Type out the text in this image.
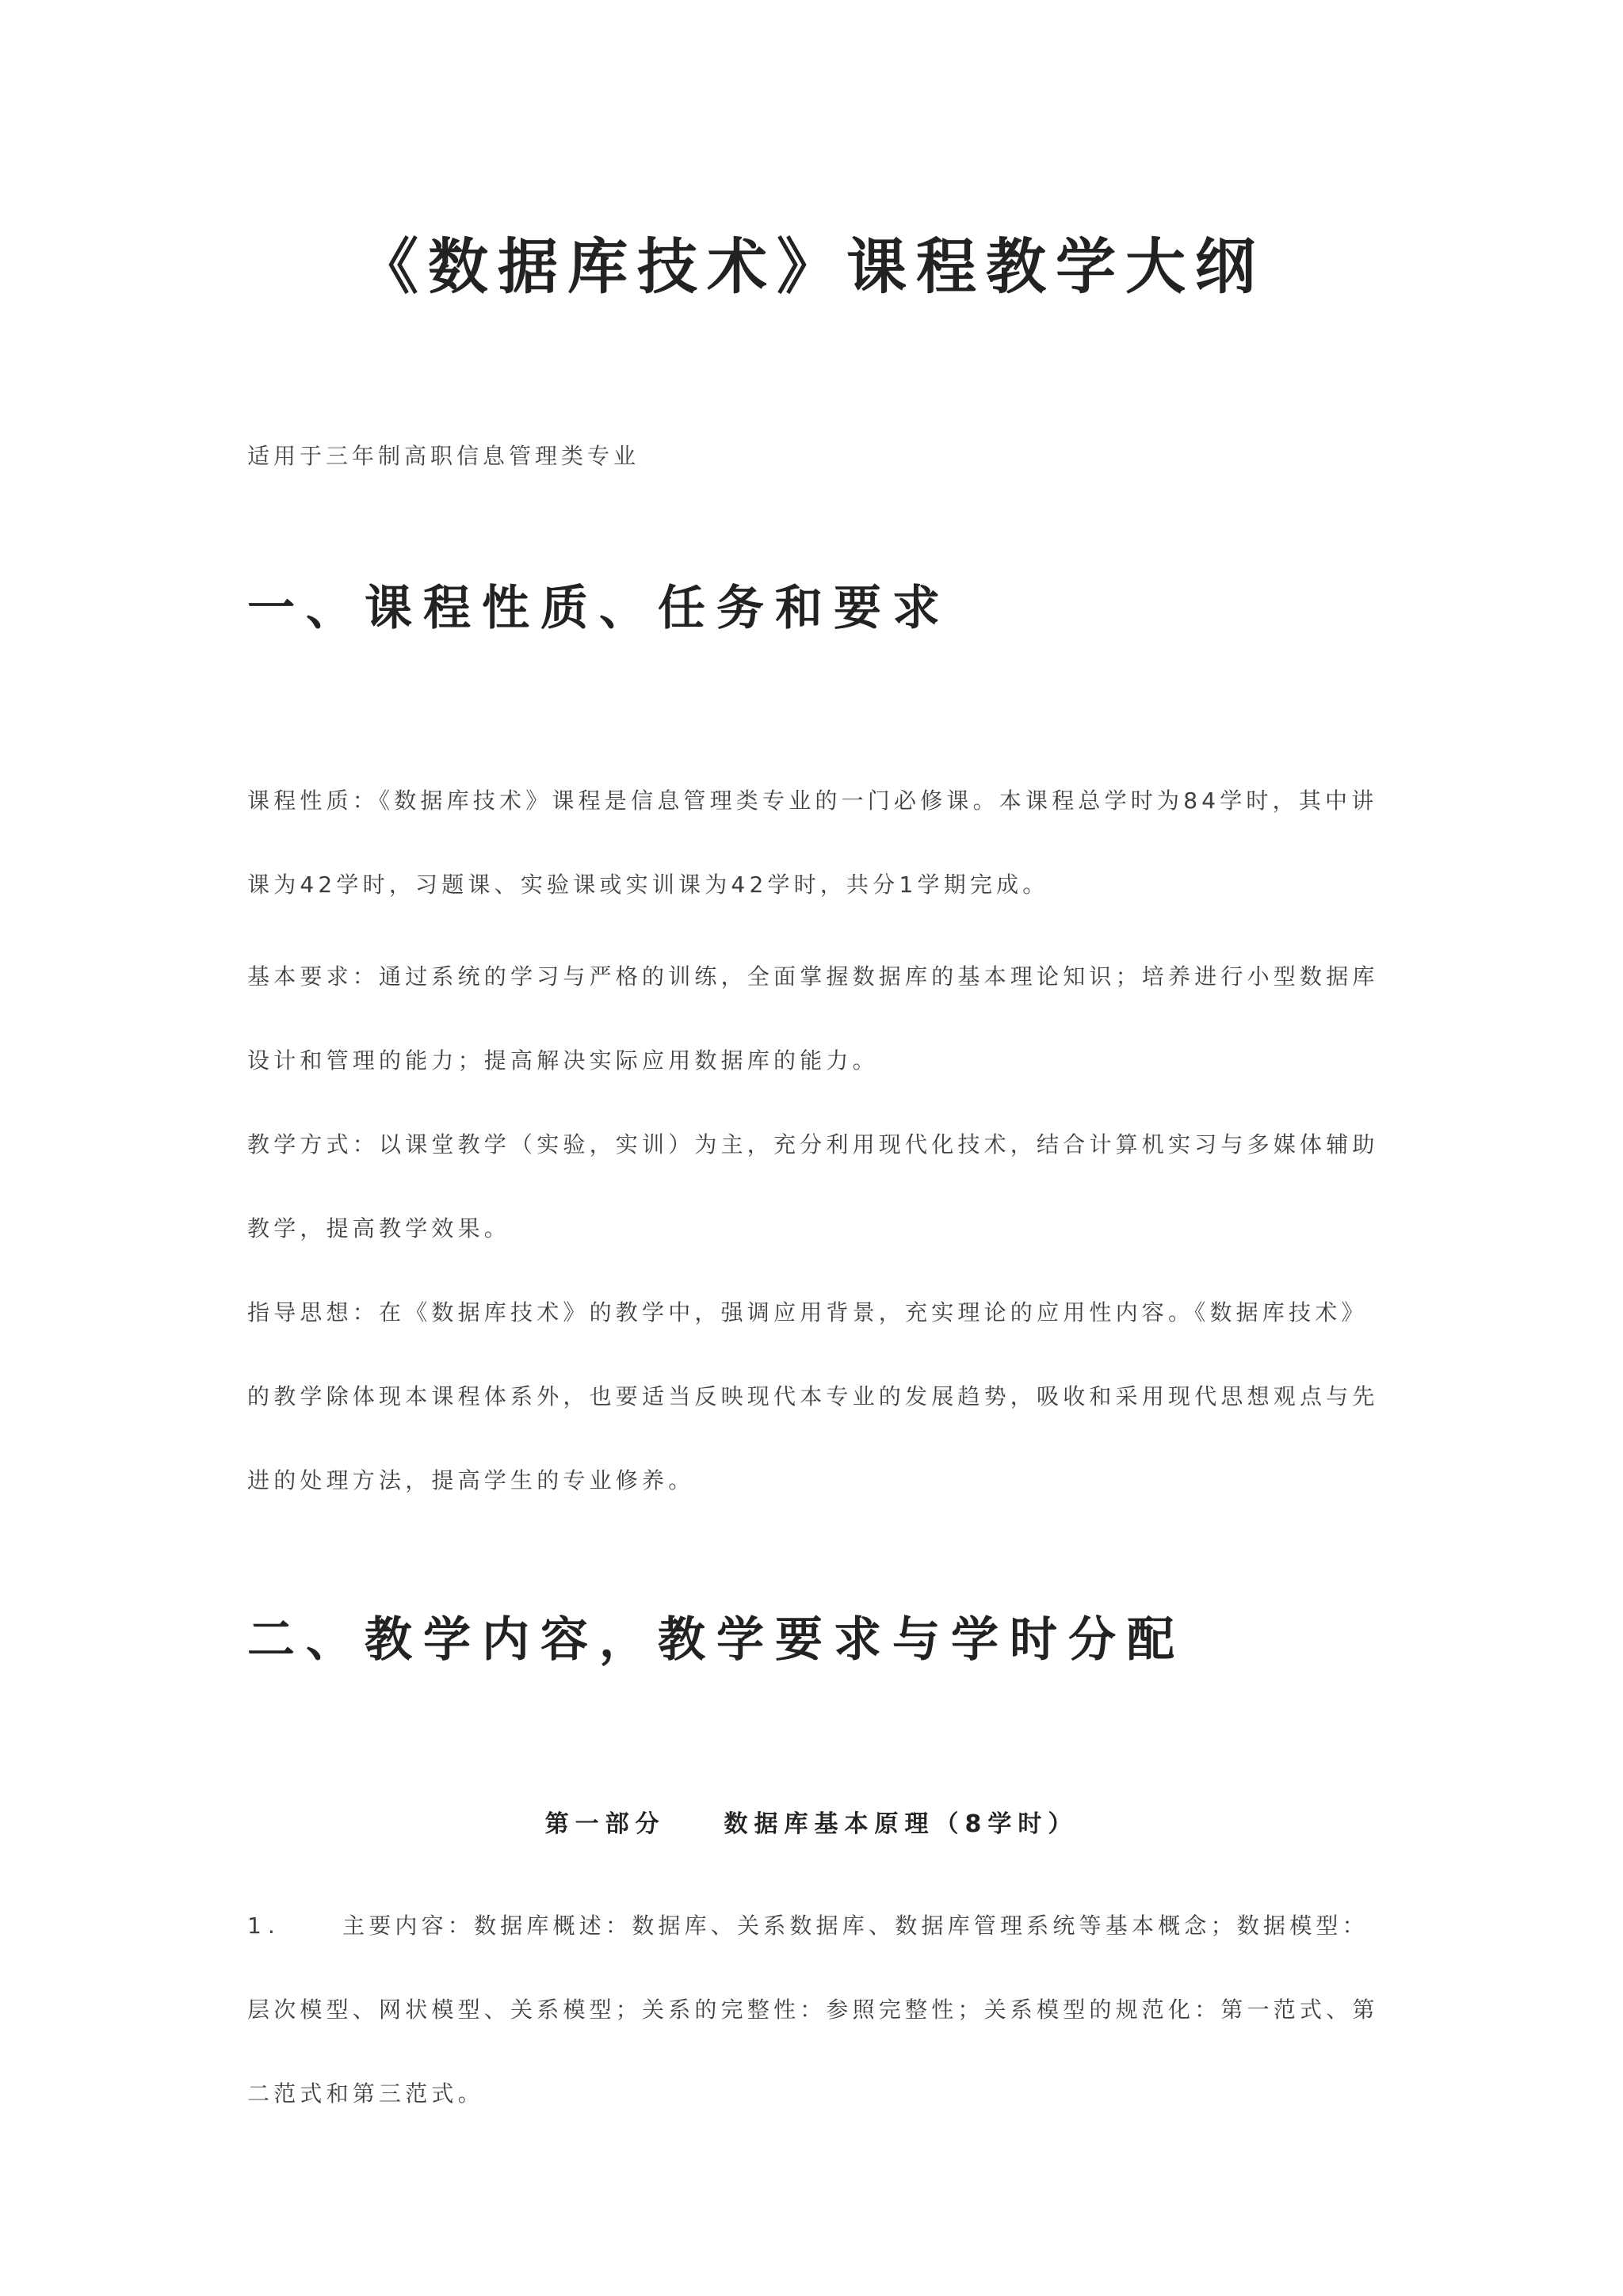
《数据库技术》课程教学大纲
适用于三年制高职信息管理类专业
一、课程性质、任务和要求

课程性质：《数据库技术》课程是信息管理类专业的一门必修课。本课程总学时为84学时，其中讲课为42学时，习题课、实验课或实训课为42学时，共分1学期完成。

基本要求：通过系统的学习与严格的训练，全面掌握数据库的基本理论知识；培养进行小型数据库设计和管理的能力；提高解决实际应用数据库的能力。

教学方式：以课堂教学（实验，实训）为主，充分利用现代化技术，结合计算机实习与多媒体辅助教学，提高教学效果。

指导思想：在《数据库技术》的教学中，强调应用背景，充实理论的应用性内容。《数据库技术》的教学除体现本课程体系外，也要适当反映现代本专业的发展趋势，吸收和采用现代思想观点与先进的处理方法，提高学生的专业修养。

二、教学内容，教学要求与学时分配
第一部分    数据库基本原理（8学时）

1.	主要内容：数据库概述：数据库、关系数据库、数据库管理系统等基本概念；数据模型：层次模型、网状模型、关系模型；关系的完整性：参照完整性；关系模型的规范化：第一范式、第二范式和第三范式。
